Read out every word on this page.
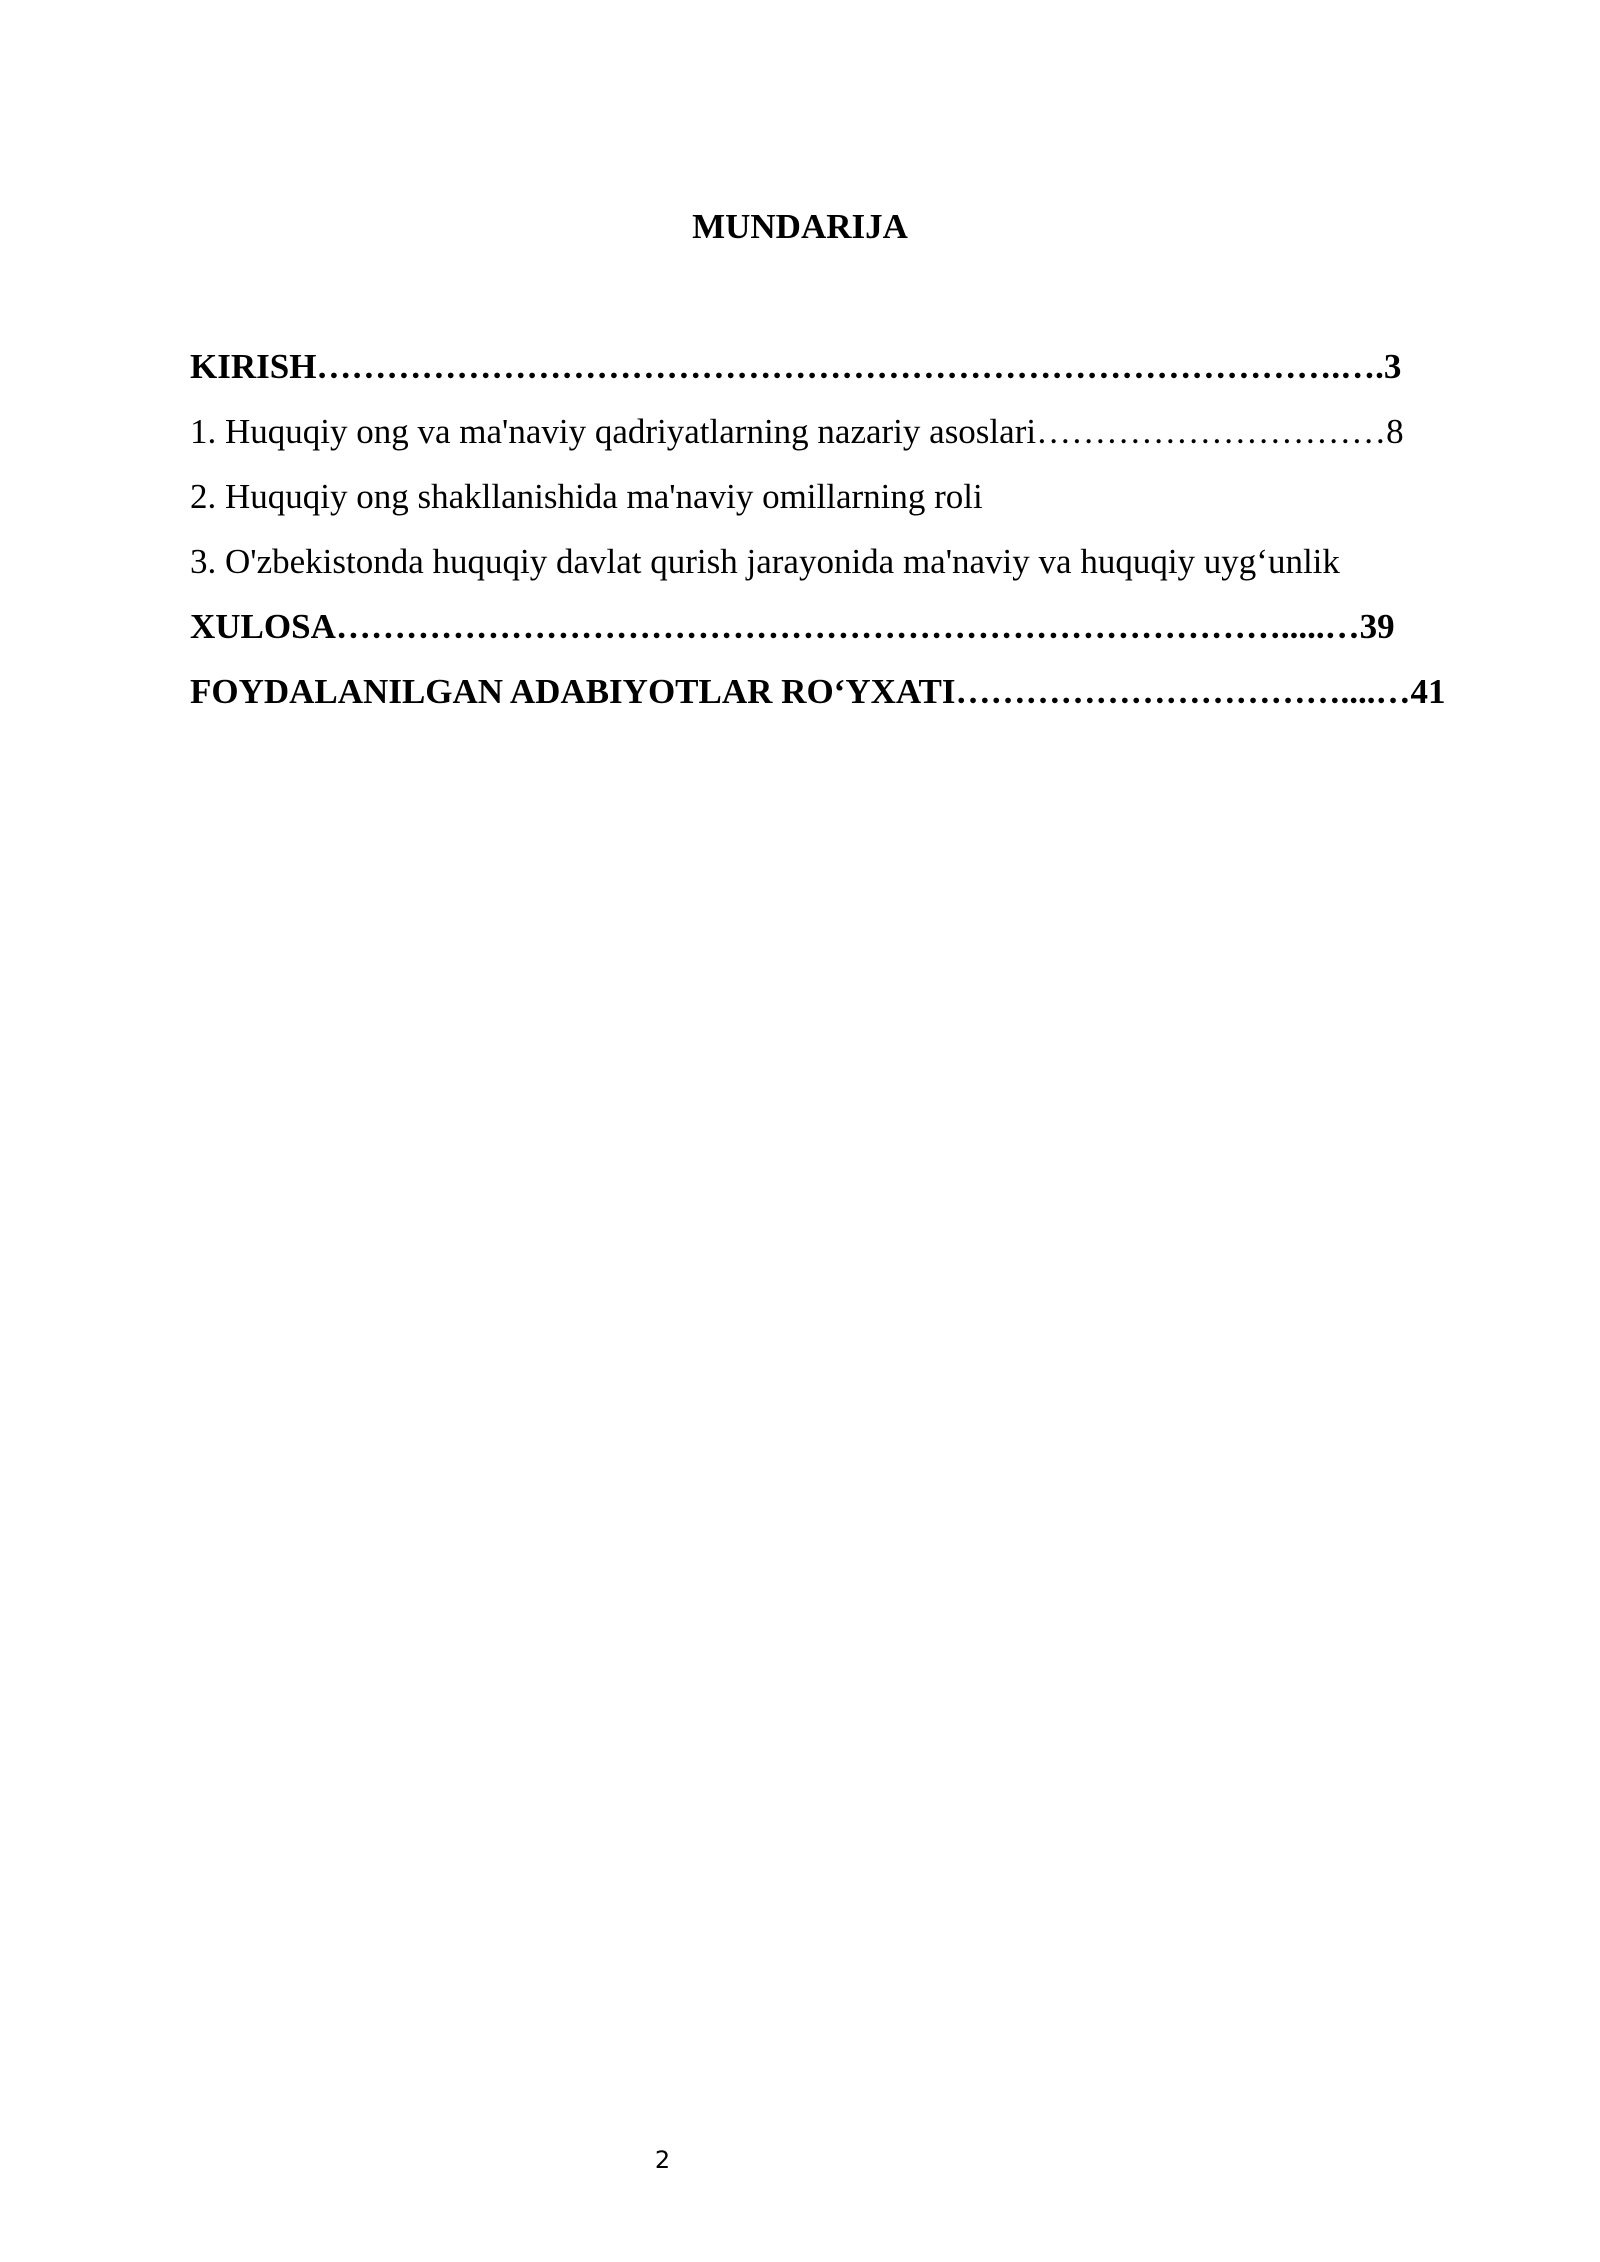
MUNDARIJA
KIRISH…………………………………………………………………………….….3
1. Huquqiy ong va ma'naviy qadriyatlarning nazariy asoslari…………………………8
2. Huquqiy ong shakllanishida ma'naviy omillarning roli
3. O'zbekistonda huquqiy davlat qurish jarayonida ma'naviy va huquqiy uyg‘unlik
XULOSA……………………………………………………………………….....…39
FOYDALANILGAN ADABIYOTLAR RO‘YXATI……………………………....…41
2
